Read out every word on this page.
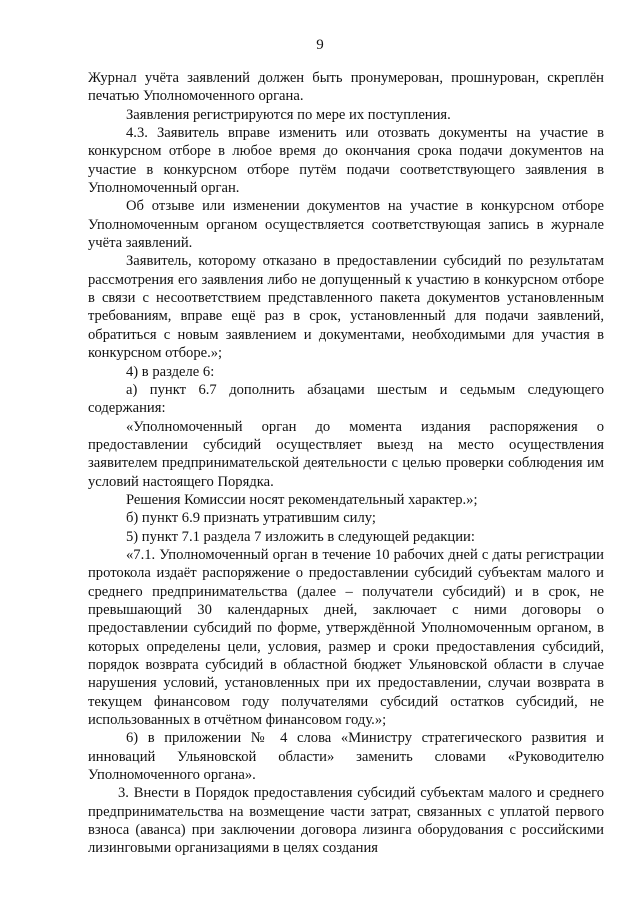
9

Журнал учёта заявлений должен быть пронумерован, прошнурован, скреплён печатью Уполномоченного органа.

Заявления регистрируются по мере их поступления.

4.3. Заявитель вправе изменить или отозвать документы на участие в конкурсном отборе в любое время до окончания срока подачи документов на участие в конкурсном отборе путём подачи соответствующего заявления в Уполномоченный орган.

Об отзыве или изменении документов на участие в конкурсном отборе Уполномоченным органом осуществляется соответствующая запись в журнале учёта заявлений.

Заявитель, которому отказано в предоставлении субсидий по результатам рассмотрения его заявления либо не допущенный к участию в конкурсном отборе в связи с несоответствием представленного пакета документов установленным требованиям, вправе ещё раз в срок, установленный для подачи заявлений, обратиться с новым заявлением и документами, необходимыми для участия в конкурсном отборе.»;

4) в разделе 6:

а) пункт 6.7 дополнить абзацами шестым и седьмым следующего содержания:

«Уполномоченный орган до момента издания распоряжения о предоставлении субсидий осуществляет выезд на место осуществления заявителем предпринимательской деятельности с целью проверки соблюдения им условий настоящего Порядка.

Решения Комиссии носят рекомендательный характер.»;

б) пункт 6.9 признать утратившим силу;

5) пункт 7.1 раздела 7 изложить в следующей редакции:

«7.1. Уполномоченный орган в течение 10 рабочих дней с даты регистрации протокола издаёт распоряжение о предоставлении субсидий субъектам малого и среднего предпринимательства (далее – получатели субсидий) и в срок, не превышающий 30 календарных дней, заключает с ними договоры о предоставлении субсидий по форме, утверждённой Уполномоченным органом, в которых определены цели, условия, размер и сроки предоставления субсидий, порядок возврата субсидий в областной бюджет Ульяновской области в случае нарушения условий, установленных при их предоставлении, случаи возврата в текущем финансовом году получателями субсидий остатков субсидий, не использованных в отчётном финансовом году.»;

6) в приложении № 4 слова «Министру стратегического развития и инноваций Ульяновской области» заменить словами «Руководителю Уполномоченного органа».

3. Внести в Порядок предоставления субсидий субъектам малого и среднего предпринимательства на возмещение части затрат, связанных с уплатой первого взноса (аванса) при заключении договора лизинга оборудования с российскими лизинговыми организациями в целях создания
